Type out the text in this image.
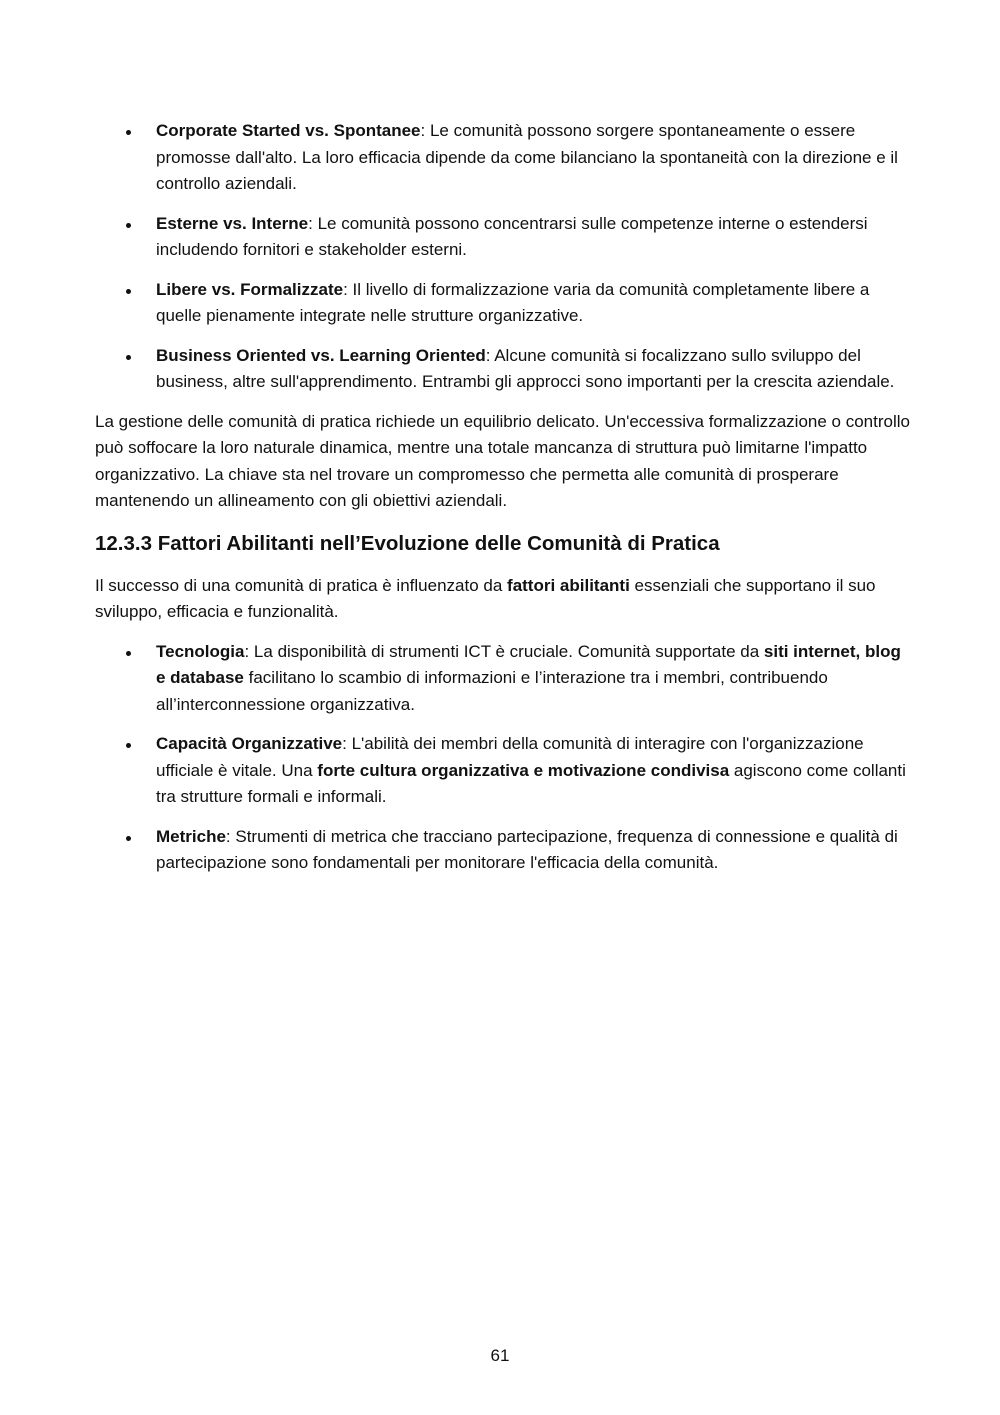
Corporate Started vs. Spontanee: Le comunità possono sorgere spontaneamente o essere promosse dall'alto. La loro efficacia dipende da come bilanciano la spontaneità con la direzione e il controllo aziendali.
Esterne vs. Interne: Le comunità possono concentrarsi sulle competenze interne o estendersi includendo fornitori e stakeholder esterni.
Libere vs. Formalizzate: Il livello di formalizzazione varia da comunità completamente libere a quelle pienamente integrate nelle strutture organizzative.
Business Oriented vs. Learning Oriented: Alcune comunità si focalizzano sullo sviluppo del business, altre sull'apprendimento. Entrambi gli approcci sono importanti per la crescita aziendale.

La gestione delle comunità di pratica richiede un equilibrio delicato. Un'eccessiva formalizzazione o controllo può soffocare la loro naturale dinamica, mentre una totale mancanza di struttura può limitarne l'impatto organizzativo. La chiave sta nel trovare un compromesso che permetta alle comunità di prosperare mantenendo un allineamento con gli obiettivi aziendali.

12.3.3 Fattori Abilitanti nell’Evoluzione delle Comunità di Pratica

Il successo di una comunità di pratica è influenzato da fattori abilitanti essenziali che supportano il suo sviluppo, efficacia e funzionalità.

Tecnologia: La disponibilità di strumenti ICT è cruciale. Comunità supportate da siti internet, blog e database facilitano lo scambio di informazioni e l’interazione tra i membri, contribuendo all’interconnessione organizzativa.
Capacità Organizzative: L'abilità dei membri della comunità di interagire con l'organizzazione ufficiale è vitale. Una forte cultura organizzativa e motivazione condivisa agiscono come collanti tra strutture formali e informali.
Metriche: Strumenti di metrica che tracciano partecipazione, frequenza di connessione e qualità di partecipazione sono fondamentali per monitorare l'efficacia della comunità.
61
